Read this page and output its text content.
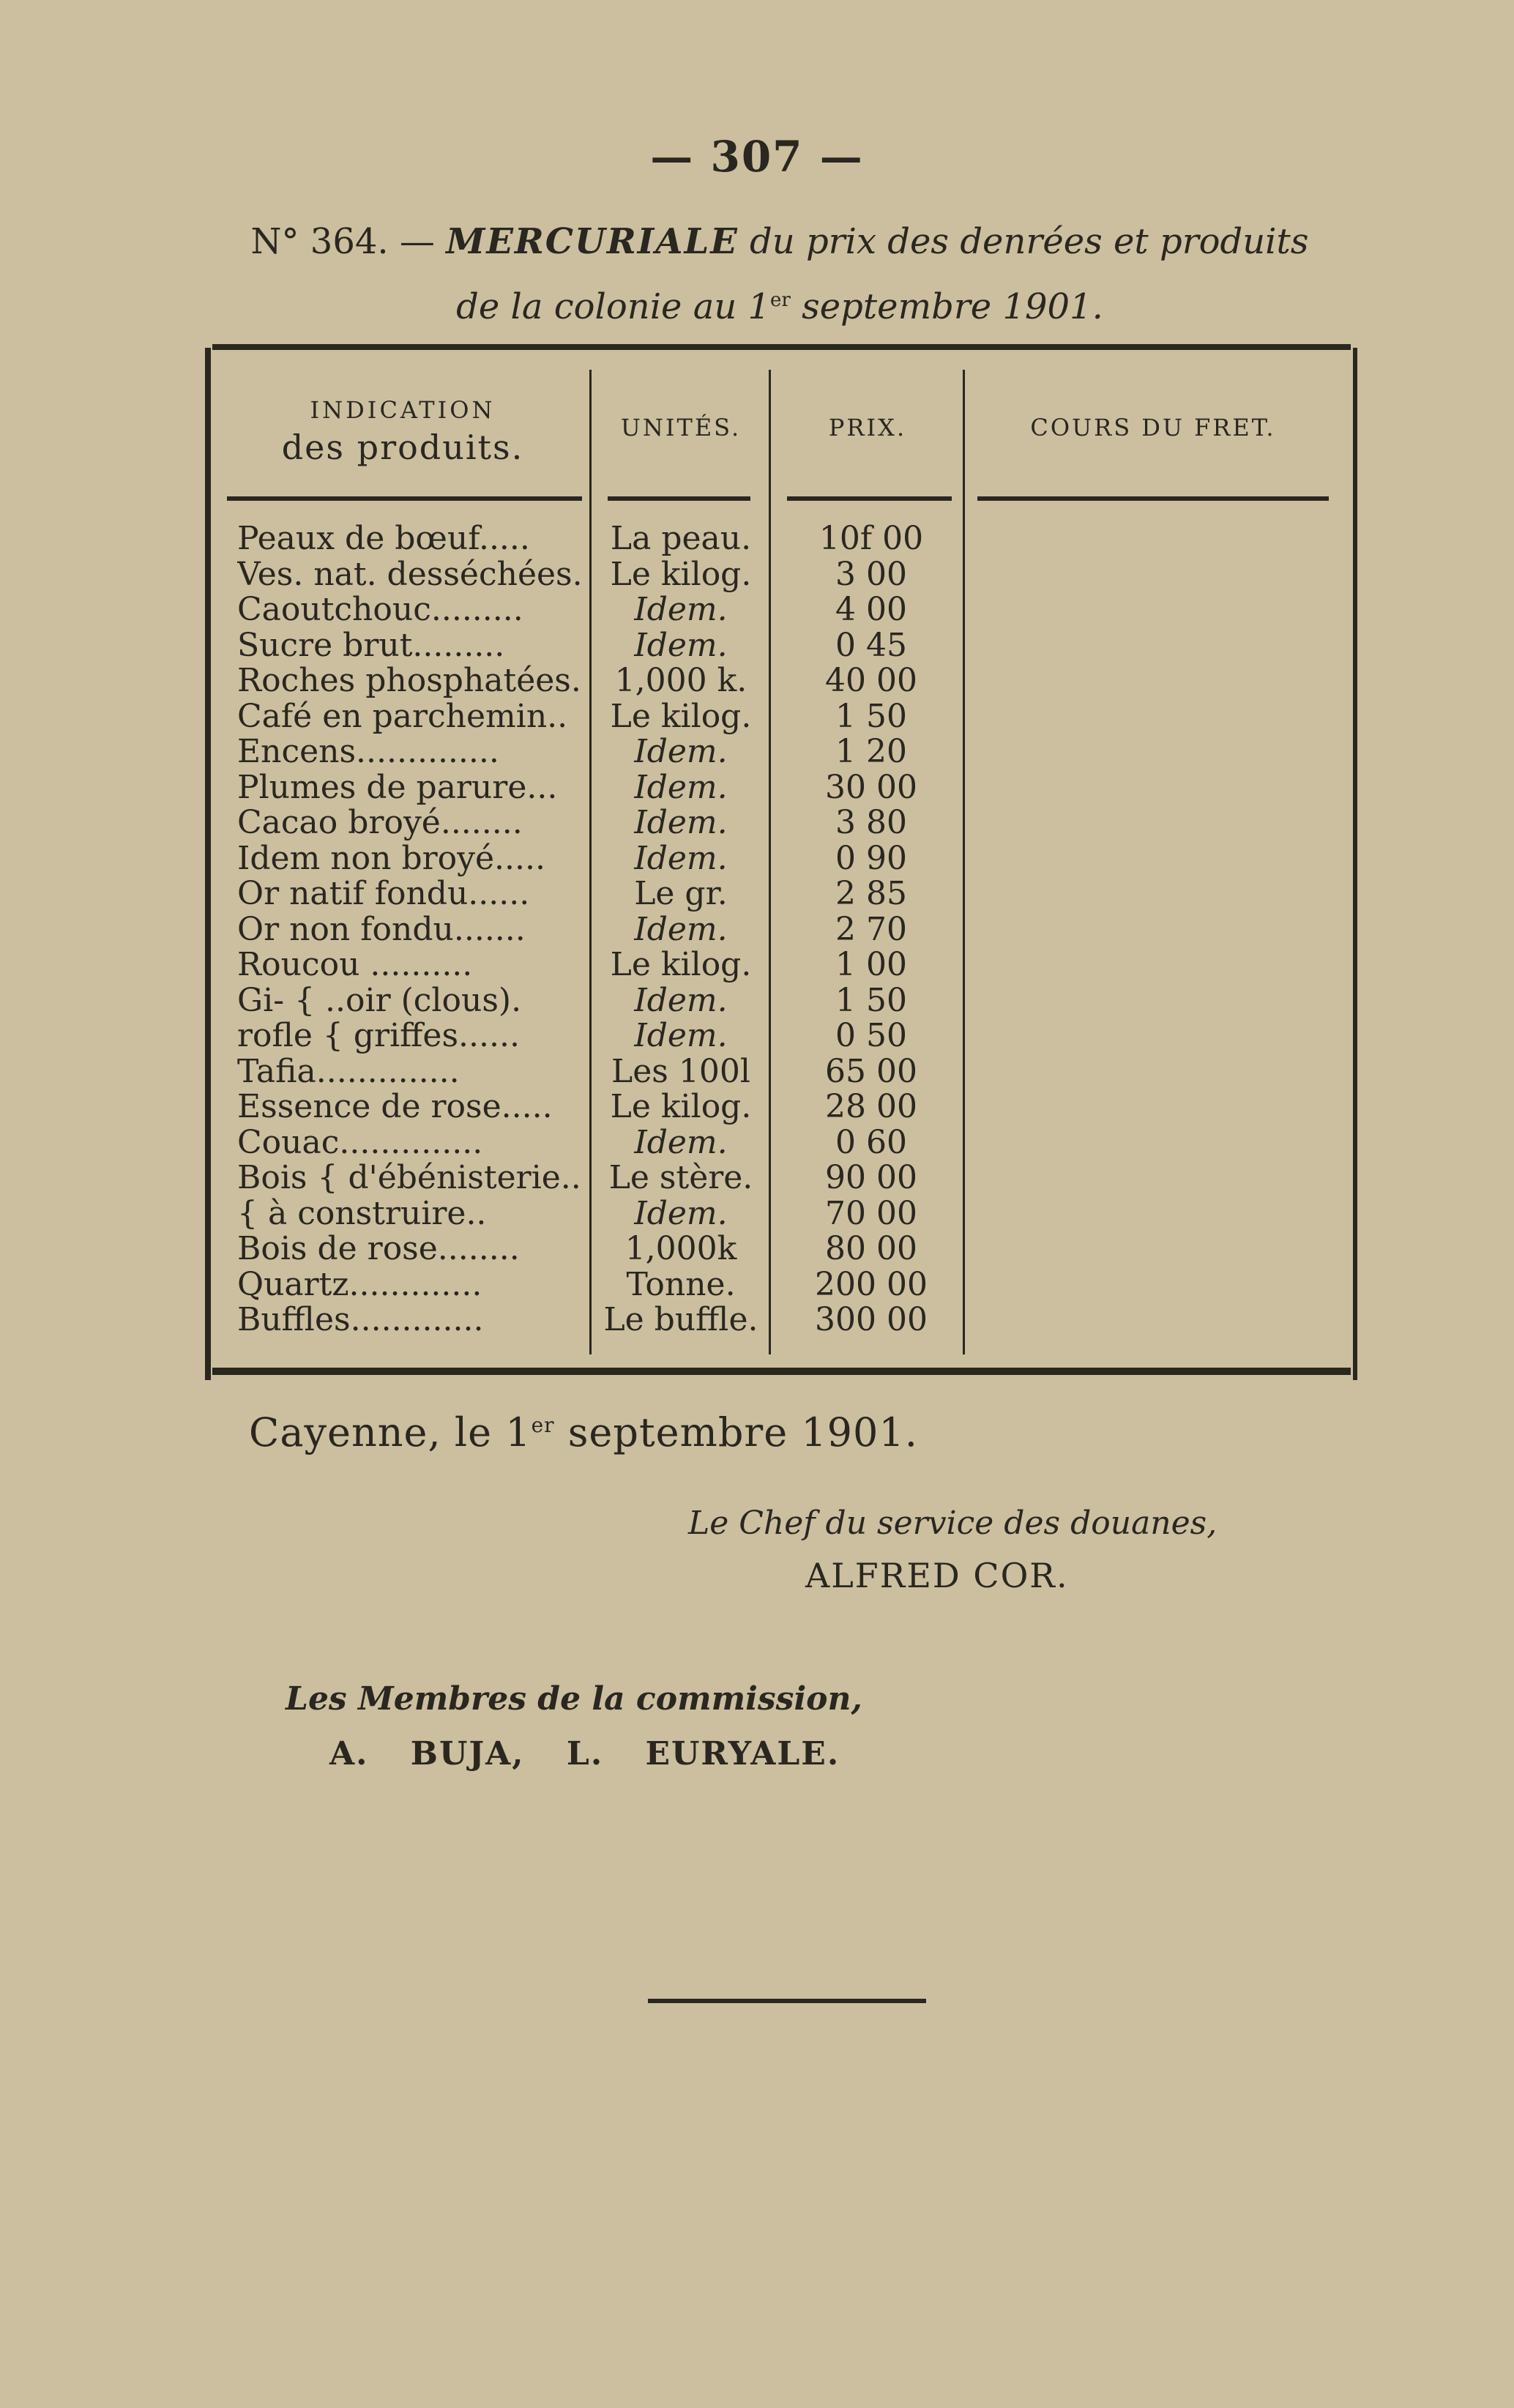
— 307 —
N° 364. — MERCURIALE du prix des denrées et produits
de la colonie au 1er septembre 1901.
INDICATION
des produits.	UNITÉS.	PRIX.	COURS DU FRET.
Peaux de bœuf.....	La peau.	10f 00
Ves. nat. desséchées. Le kilog.	3 00
Caoutchouc.........	Idem.	4 00
Sucre brut.........	Idem.	0 45
Roches phosphatées.	1,000 k.	40 00
Café en parchemin..	Le kilog.	1 50
Encens..............	Idem.	1 20
Plumes de parure...	Idem.	30 00
Cacao broyé........	Idem.	3 80
Idem non broyé.....	Idem.	0 90
Or natif fondu......	Le gr.	2 85
Or non fondu.......	Idem.	2 70
Roucou ..........	Le kilog.	1 00
Gi- { ..oir (clous).	Idem.	1 50
rofle { griffes......	Idem.	0 50
Tafia..............	Les 100l	65 00
Essence de rose.....	Le kilog.	28 00
Couac..............	Idem.	0 60
Bois { d'ébénisterie.. Le stère.	90 00
{ à construire..	Idem.	70 00
Bois de rose........	1,000k	80 00
Quartz.............	Tonne.	200 00
Buffles.............	Le buffle.	300 00
Cayenne, le 1er septembre 1901.
Le Chef du service des douanes,
ALFRED COR.
Les Membres de la commission,
A. BUJA, L. EURYALE.
